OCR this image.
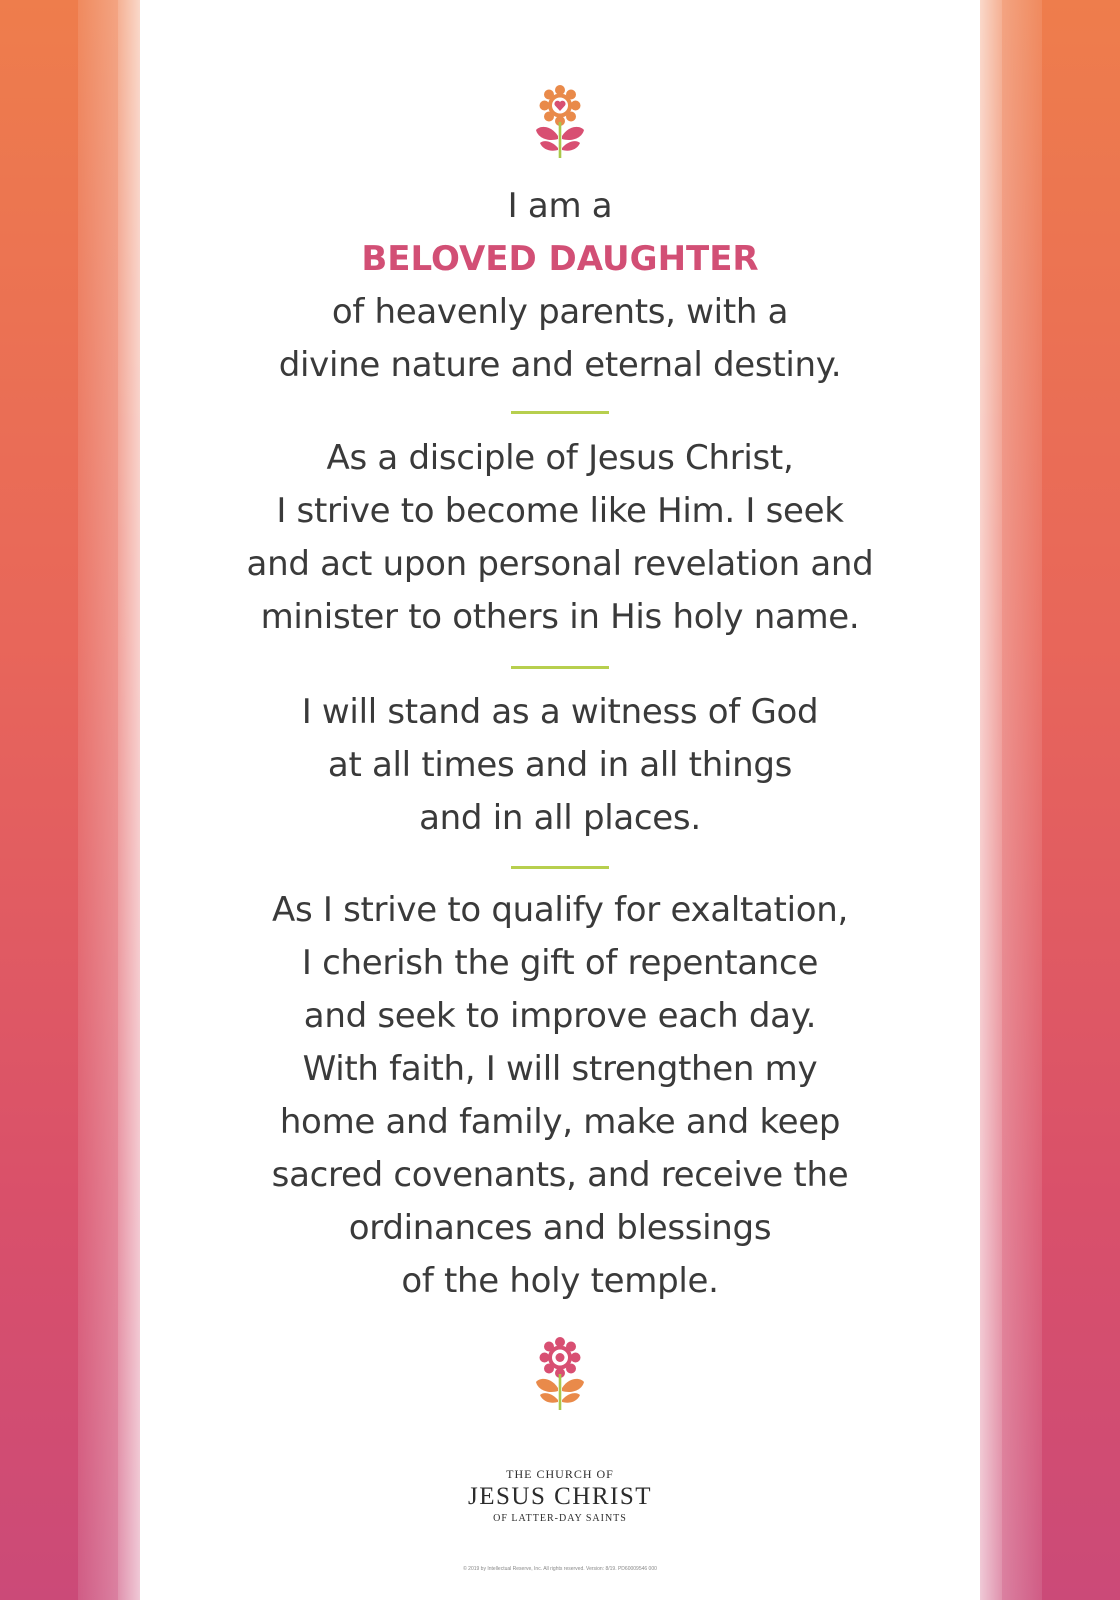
I am a
BELOVED DAUGHTER
of heavenly parents, with a
divine nature and eternal destiny.
As a disciple of Jesus Christ,
I strive to become like Him. I seek
and act upon personal revelation and
minister to others in His holy name.
I will stand as a witness of God
at all times and in all things
and in all places.
As I strive to qualify for exaltation,
I cherish the gift of repentance
and seek to improve each day.
With faith, I will strengthen my
home and family, make and keep
sacred covenants, and receive the
ordinances and blessings
of the holy temple.
THE CHURCH OF
JESUS CHRIST
OF LATTER-DAY SAINTS
© 2019 by Intellectual Reserve, Inc. All rights reserved. Version: 8/19. PD60009546 000
